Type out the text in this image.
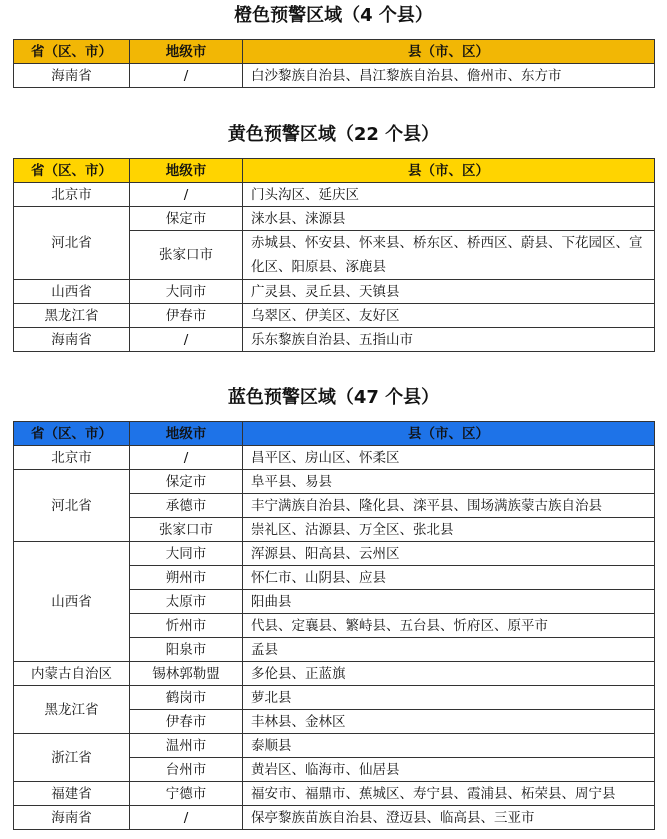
橙色预警区域（4 个县）
省（区、市）	地级市	县（市、区）
海南省	/	白沙黎族自治县、昌江黎族自治县、儋州市、东方市
黄色预警区域（22 个县）
省（区、市）	地级市	县（市、区）
北京市	/	门头沟区、延庆区
河北省	保定市	涞水县、涞源县
	张家口市	赤城县、怀安县、怀来县、桥东区、桥西区、蔚县、下花园区、宣化区、阳原县、涿鹿县
山西省	大同市	广灵县、灵丘县、天镇县
黑龙江省	伊春市	乌翠区、伊美区、友好区
海南省	/	乐东黎族自治县、五指山市
蓝色预警区域（47 个县）
省（区、市）	地级市	县（市、区）
北京市	/	昌平区、房山区、怀柔区
河北省	保定市	阜平县、易县
	承德市	丰宁满族自治县、隆化县、滦平县、围场满族蒙古族自治县
	张家口市	崇礼区、沽源县、万全区、张北县
山西省	大同市	浑源县、阳高县、云州区
	朔州市	怀仁市、山阴县、应县
	太原市	阳曲县
	忻州市	代县、定襄县、繁峙县、五台县、忻府区、原平市
	阳泉市	孟县
内蒙古自治区	锡林郭勒盟	多伦县、正蓝旗
黑龙江省	鹤岗市	萝北县
	伊春市	丰林县、金林区
浙江省	温州市	泰顺县
	台州市	黄岩区、临海市、仙居县
福建省	宁德市	福安市、福鼎市、蕉城区、寿宁县、霞浦县、柘荣县、周宁县
海南省	/	保亭黎族苗族自治县、澄迈县、临高县、三亚市
